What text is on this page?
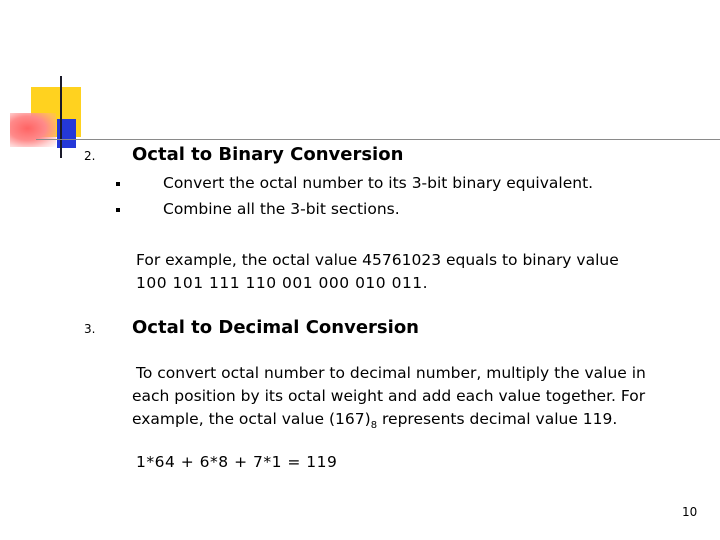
2. Octal to Binary Conversion
Convert the octal number to its 3-bit binary equivalent.
Combine all the 3-bit sections.
For example, the octal value 45761023 equals to binary value
100 101 111 110 001 000 010 011.
3. Octal to Decimal Conversion
To convert octal number to decimal number, multiply the value in
each position by its octal weight and add each value together. For
example, the octal value $(167)_8$ represents decimal value 119.
1*64 + 6*8 + 7*1 = 119
10
